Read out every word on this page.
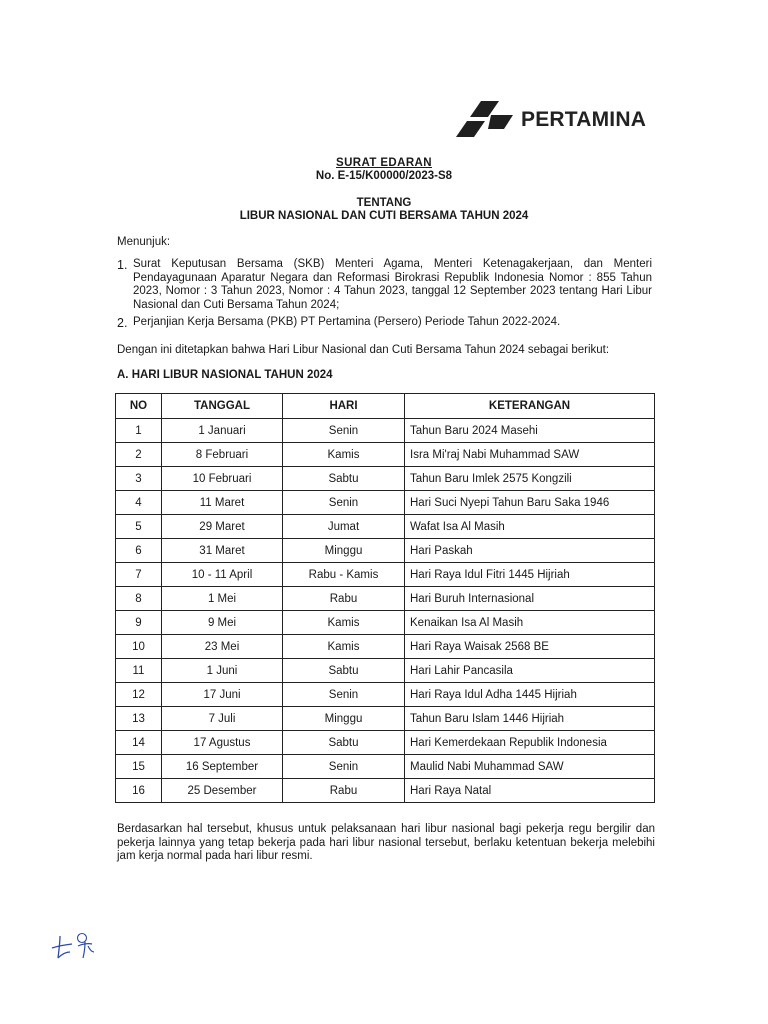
PERTAMINA
SURAT EDARAN
No. E-15/K00000/2023-S8
TENTANG
LIBUR NASIONAL DAN CUTI BERSAMA TAHUN 2024
Menunjuk:
1. Surat Keputusan Bersama (SKB) Menteri Agama, Menteri Ketenagakerjaan, dan Menteri Pendayagunaan Aparatur Negara dan Reformasi Birokrasi Republik Indonesia Nomor : 855 Tahun 2023, Nomor : 3 Tahun 2023, Nomor : 4 Tahun 2023, tanggal 12 September 2023 tentang Hari Libur Nasional dan Cuti Bersama Tahun 2024;
2. Perjanjian Kerja Bersama (PKB) PT Pertamina (Persero) Periode Tahun 2022-2024.
Dengan ini ditetapkan bahwa Hari Libur Nasional dan Cuti Bersama Tahun 2024 sebagai berikut:
A. HARI LIBUR NASIONAL TAHUN 2024
NO	TANGGAL	HARI	KETERANGAN
1	1 Januari	Senin	Tahun Baru 2024 Masehi
2	8 Februari	Kamis	Isra Mi'raj Nabi Muhammad SAW
3	10 Februari	Sabtu	Tahun Baru Imlek 2575 Kongzili
4	11 Maret	Senin	Hari Suci Nyepi Tahun Baru Saka 1946
5	29 Maret	Jumat	Wafat Isa Al Masih
6	31 Maret	Minggu	Hari Paskah
7	10 - 11 April	Rabu - Kamis	Hari Raya Idul Fitri 1445 Hijriah
8	1 Mei	Rabu	Hari Buruh Internasional
9	9 Mei	Kamis	Kenaikan Isa Al Masih
10	23 Mei	Kamis	Hari Raya Waisak 2568 BE
11	1 Juni	Sabtu	Hari Lahir Pancasila
12	17 Juni	Senin	Hari Raya Idul Adha 1445 Hijriah
13	7 Juli	Minggu	Tahun Baru Islam 1446 Hijriah
14	17 Agustus	Sabtu	Hari Kemerdekaan Republik Indonesia
15	16 September	Senin	Maulid Nabi Muhammad SAW
16	25 Desember	Rabu	Hari Raya Natal
Berdasarkan hal tersebut, khusus untuk pelaksanaan hari libur nasional bagi pekerja regu bergilir dan pekerja lainnya yang tetap bekerja pada hari libur nasional tersebut, berlaku ketentuan bekerja melebihi jam kerja normal pada hari libur resmi.
